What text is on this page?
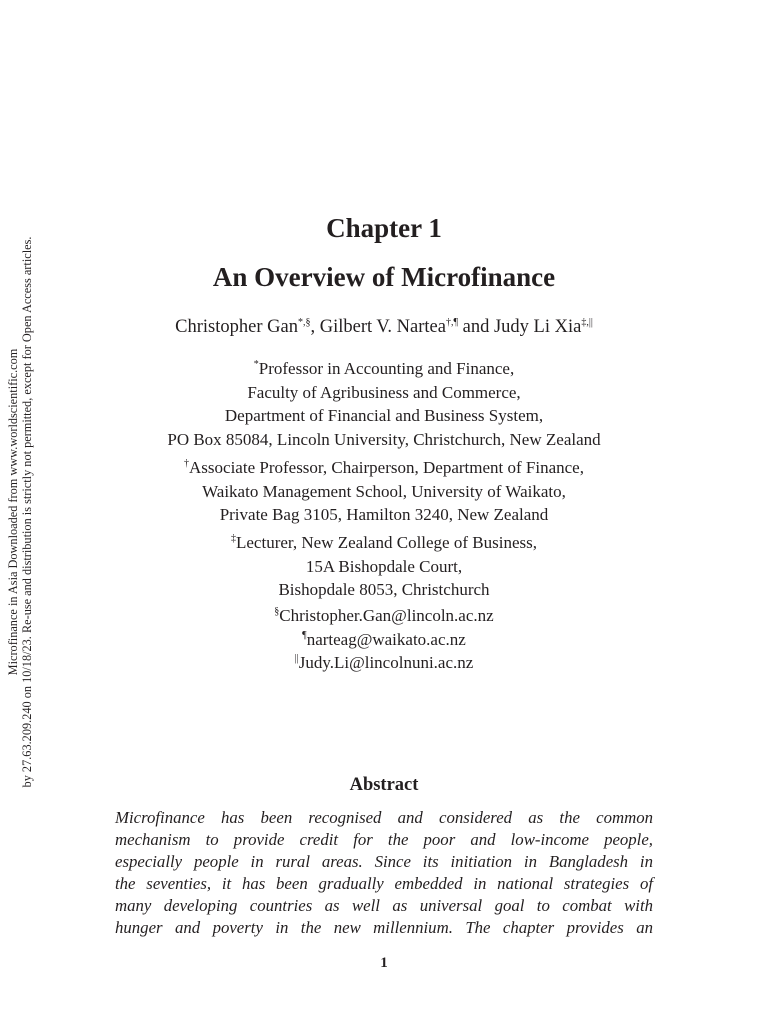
Microfinance in Asia Downloaded from www.worldscientific.com by 27.63.209.240 on 10/18/23. Re-use and distribution is strictly not permitted, except for Open Access articles.
Chapter 1
An Overview of Microfinance
Christopher Gan*,§, Gilbert V. Nartea†,¶ and Judy Li Xia‡,||
*Professor in Accounting and Finance,
Faculty of Agribusiness and Commerce,
Department of Financial and Business System,
PO Box 85084, Lincoln University, Christchurch, New Zealand
†Associate Professor, Chairperson, Department of Finance,
Waikato Management School, University of Waikato,
Private Bag 3105, Hamilton 3240, New Zealand
‡Lecturer, New Zealand College of Business,
15A Bishopdale Court,
Bishopdale 8053, Christchurch
§Christopher.Gan@lincoln.ac.nz
¶narteag@waikato.ac.nz
||Judy.Li@lincolnuni.ac.nz
Abstract
Microfinance has been recognised and considered as the common
mechanism to provide credit for the poor and low-income people,
especially people in rural areas. Since its initiation in Bangladesh in
the seventies, it has been gradually embedded in national strategies of
many developing countries as well as universal goal to combat with
hunger and poverty in the new millennium. The chapter provides an
1
